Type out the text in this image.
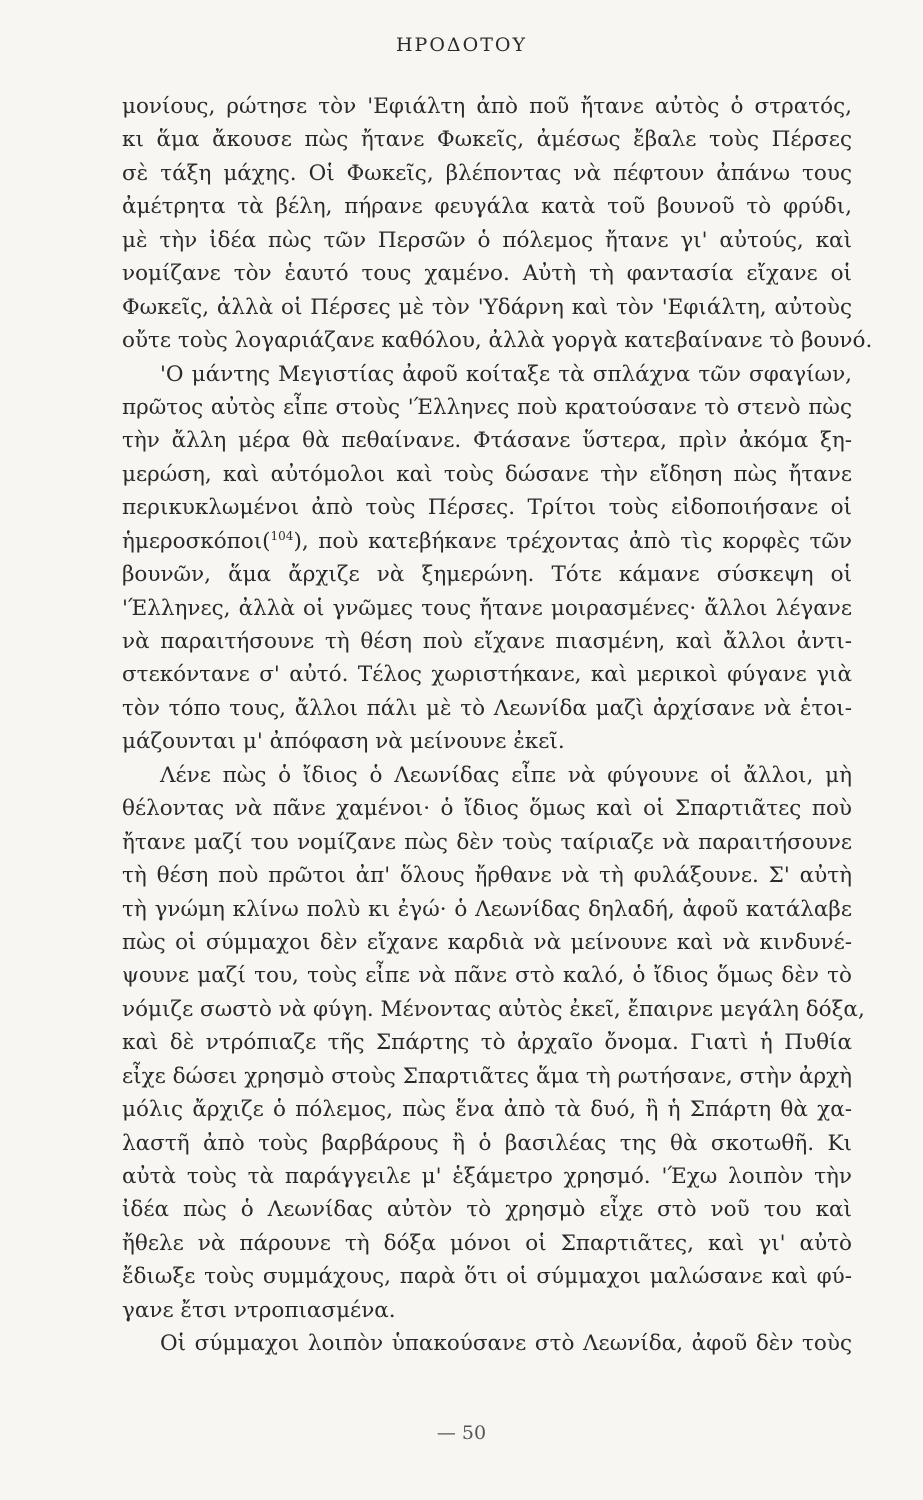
ΗΡΟΔΟΤΟΥ
μονίους, ρώτησε τὸν 'Εφιάλτη ἀπὸ ποῦ ἤτανε αὐτὸς ὁ στρατός,
κι ἅμα ἄκουσε πὼς ἤτανε Φωκεῖς, ἀμέσως ἔβαλε τοὺς Πέρσες
σὲ τάξη μάχης. Οἱ Φωκεῖς, βλέποντας νὰ πέφτουν ἀπάνω τους
ἀμέτρητα τὰ βέλη, πήρανε φευγάλα κατὰ τοῦ βουνοῦ τὸ φρύδι,
μὲ τὴν ἰδέα πὼς τῶν Περσῶν ὁ πόλεμος ἤτανε γι' αὐτούς, καὶ
νομίζανε τὸν ἑαυτό τους χαμένο. Αὐτὴ τὴ φαντασία εἴχανε οἱ
Φωκεῖς, ἀλλὰ οἱ Πέρσες μὲ τὸν 'Υδάρνη καὶ τὸν 'Εφιάλτη, αὐτοὺς
οὔτε τοὺς λογαριάζανε καθόλου, ἀλλὰ γοργὰ κατεβαίνανε τὸ βουνό.
'Ο μάντης Μεγιστίας ἀφοῦ κοίταξε τὰ σπλάχνα τῶν σφαγίων,
πρῶτος αὐτὸς εἶπε στοὺς 'Έλληνες ποὺ κρατούσανε τὸ στενὸ πὼς
τὴν ἄλλη μέρα θὰ πεθαίνανε. Φτάσανε ὕστερα, πρὶν ἀκόμα ξη-
μερώση, καὶ αὐτόμολοι καὶ τοὺς δώσανε τὴν εἴδηση πὼς ἤτανε
περικυκλωμένοι ἀπὸ τοὺς Πέρσες. Τρίτοι τοὺς εἰδοποιήσανε οἱ
ἡμεροσκόποι($^{104}$), ποὺ κατεβήκανε τρέχοντας ἀπὸ τὶς κορφὲς τῶν
βουνῶν, ἅμα ἄρχιζε νὰ ξημερώνη. Τότε κάμανε σύσκεψη οἱ
'Έλληνες, ἀλλὰ οἱ γνῶμες τους ἤτανε μοιρασμένες· ἄλλοι λέγανε
νὰ παραιτήσουνε τὴ θέση ποὺ εἴχανε πιασμένη, καὶ ἄλλοι ἀντι-
στεκόντανε σ' αὐτό. Τέλος χωριστήκανε, καὶ μερικοὶ φύγανε γιὰ
τὸν τόπο τους, ἄλλοι πάλι μὲ τὸ Λεωνίδα μαζὶ ἀρχίσανε νὰ ἑτοι-
μάζουνται μ' ἀπόφαση νὰ μείνουνε ἐκεῖ.
Λένε πὼς ὁ ἴδιος ὁ Λεωνίδας εἶπε νὰ φύγουνε οἱ ἄλλοι, μὴ
θέλοντας νὰ πᾶνε χαμένοι· ὁ ἴδιος ὅμως καὶ οἱ Σπαρτιᾶτες ποὺ
ἤτανε μαζί του νομίζανε πὼς δὲν τοὺς ταίριαζε νὰ παραιτήσουνε
τὴ θέση ποὺ πρῶτοι ἀπ' ὅλους ἤρθανε νὰ τὴ φυλάξουνε. Σ' αὐτὴ
τὴ γνώμη κλίνω πολὺ κι ἐγώ· ὁ Λεωνίδας δηλαδή, ἀφοῦ κατάλαβε
πὼς οἱ σύμμαχοι δὲν εἴχανε καρδιὰ νὰ μείνουνε καὶ νὰ κινδυνέ-
ψουνε μαζί του, τοὺς εἶπε νὰ πᾶνε στὸ καλό, ὁ ἴδιος ὅμως δὲν τὸ
νόμιζε σωστὸ νὰ φύγη. Μένοντας αὐτὸς ἐκεῖ, ἔπαιρνε μεγάλη δόξα,
καὶ δὲ ντρόπιαζε τῆς Σπάρτης τὸ ἀρχαῖο ὄνομα. Γιατὶ ἡ Πυθία
εἶχε δώσει χρησμὸ στοὺς Σπαρτιᾶτες ἅμα τὴ ρωτήσανε, στὴν ἀρχὴ
μόλις ἄρχιζε ὁ πόλεμος, πὼς ἕνα ἀπὸ τὰ δυό, ἢ ἡ Σπάρτη θὰ χα-
λαστῆ ἀπὸ τοὺς βαρβάρους ἢ ὁ βασιλέας της θὰ σκοτωθῆ. Κι
αὐτὰ τοὺς τὰ παράγγειλε μ' ἑξάμετρο χρησμό. 'Έχω λοιπὸν τὴν
ἰδέα πὼς ὁ Λεωνίδας αὐτὸν τὸ χρησμὸ εἶχε στὸ νοῦ του καὶ
ἤθελε νὰ πάρουνε τὴ δόξα μόνοι οἱ Σπαρτιᾶτες, καὶ γι' αὐτὸ
ἔδιωξε τοὺς συμμάχους, παρὰ ὅτι οἱ σύμμαχοι μαλώσανε καὶ φύ-
γανε ἔτσι ντροπιασμένα.
Οἱ σύμμαχοι λοιπὸν ὑπακούσανε στὸ Λεωνίδα, ἀφοῦ δὲν τοὺς
— 50
